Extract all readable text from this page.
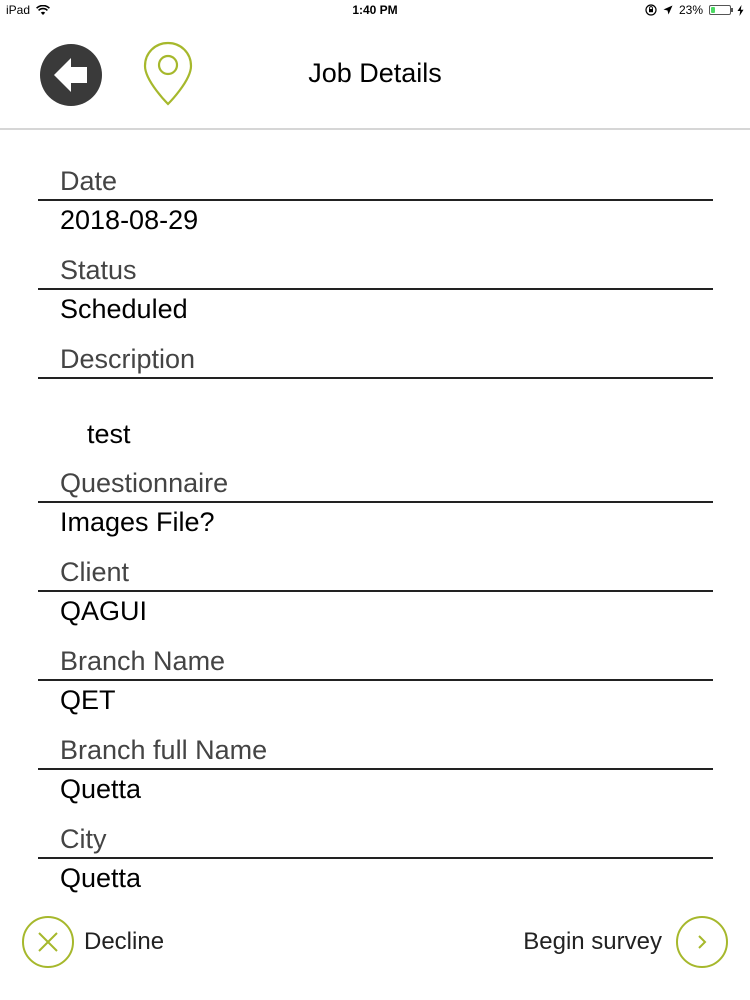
iPad	1:40 PM	23%
Job Details
Date
2018-08-29
Status
Scheduled
Description
test
Questionnaire
Images File?
Client
QAGUI
Branch Name
QET
Branch full Name
Quetta
City
Quetta
Decline	Begin survey
